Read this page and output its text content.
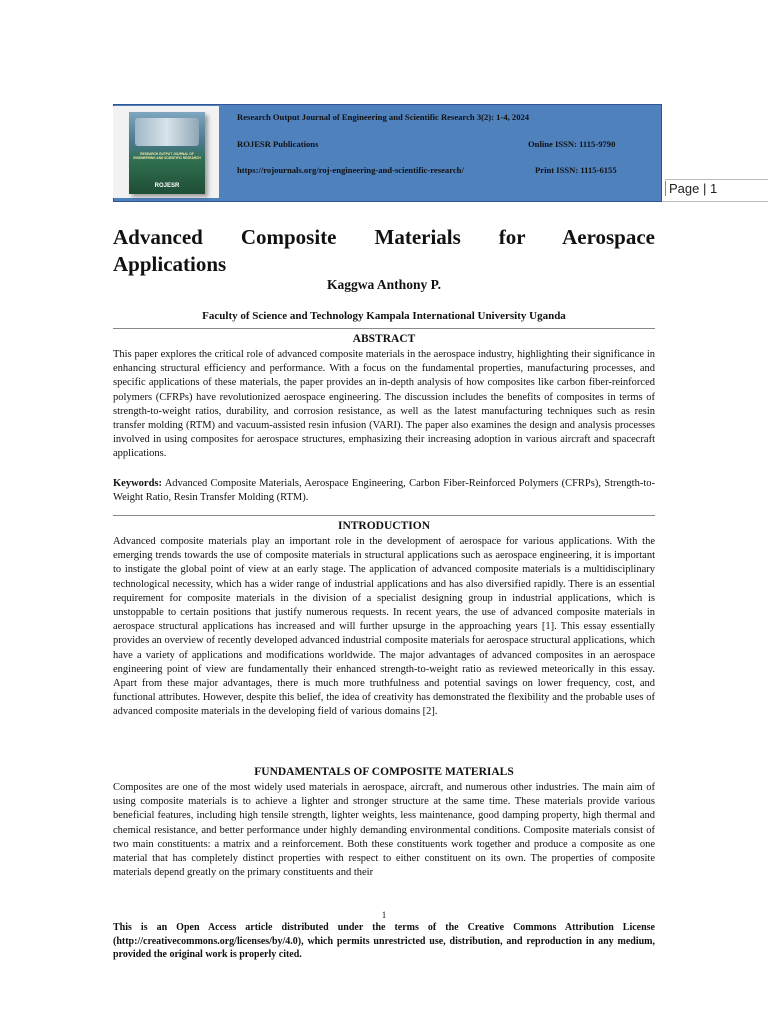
RESEARCH OUTPUT JOURNAL OF ENGINEERING AND SCIENTIFIC RESEARCH
ROJESR
Research Output Journal of Engineering and Scientific Research 3(2): 1-4, 2024
ROJESR Publications	Online ISSN: 1115-9790
https://rojournals.org/roj-engineering-and-scientific-research/	Print ISSN: 1115-6155
Page | 1
Advanced Composite Materials for Aerospace
Applications
Kaggwa Anthony P.
Faculty of Science and Technology Kampala International University Uganda
ABSTRACT

This paper explores the critical role of advanced composite materials in the aerospace industry, highlighting their significance in enhancing structural efficiency and performance. With a focus on the fundamental properties, manufacturing processes, and specific applications of these materials, the paper provides an in-depth analysis of how composites like carbon fiber-reinforced polymers (CFRPs) have revolutionized aerospace engineering. The discussion includes the benefits of composites in terms of strength-to-weight ratios, durability, and corrosion resistance, as well as the latest manufacturing techniques such as resin transfer molding (RTM) and vacuum-assisted resin infusion (VARI). The paper also examines the design and analysis processes involved in using composites for aerospace structures, emphasizing their increasing adoption in various aircraft and spacecraft applications.

Keywords: Advanced Composite Materials, Aerospace Engineering, Carbon Fiber-Reinforced Polymers (CFRPs), Strength-to-Weight Ratio, Resin Transfer Molding (RTM).

INTRODUCTION

Advanced composite materials play an important role in the development of aerospace for various applications. With the emerging trends towards the use of composite materials in structural applications such as aerospace engineering, it is important to instigate the global point of view at an early stage. The application of advanced composite materials is a multidisciplinary technological necessity, which has a wider range of industrial applications and has also diversified rapidly. There is an essential requirement for composite materials in the division of a specialist designing group in industrial applications, which is unstoppable to certain positions that justify numerous requests. In recent years, the use of advanced composite materials in aerospace structural applications has increased and will further upsurge in the approaching years [1]. This essay essentially provides an overview of recently developed advanced industrial composite materials for aerospace structural applications, which have a variety of applications and modifications worldwide. The major advantages of advanced composites in an aerospace engineering point of view are fundamentally their enhanced strength-to-weight ratio as reviewed meteorically in this essay. Apart from these major advantages, there is much more truthfulness and potential savings on lower frequency, cost, and functional attributes. However, despite this belief, the idea of creativity has demonstrated the flexibility and the probable uses of advanced composite materials in the developing field of various domains [2].

FUNDAMENTALS OF COMPOSITE MATERIALS

Composites are one of the most widely used materials in aerospace, aircraft, and numerous other industries. The main aim of using composite materials is to achieve a lighter and stronger structure at the same time. These materials provide various beneficial features, including high tensile strength, lighter weights, less maintenance, good damping property, high thermal and chemical resistance, and better performance under highly demanding environmental conditions. Composite materials consist of two main constituents: a matrix and a reinforcement. Both these constituents work together and produce a composite as one material that has completely distinct properties with respect to either constituent on its own. The properties of composite materials depend greatly on the primary constituents and their

1
This is an Open Access article distributed under the terms of the Creative Commons Attribution License (http://creativecommons.org/licenses/by/4.0), which permits unrestricted use, distribution, and reproduction in any medium, provided the original work is properly cited.
